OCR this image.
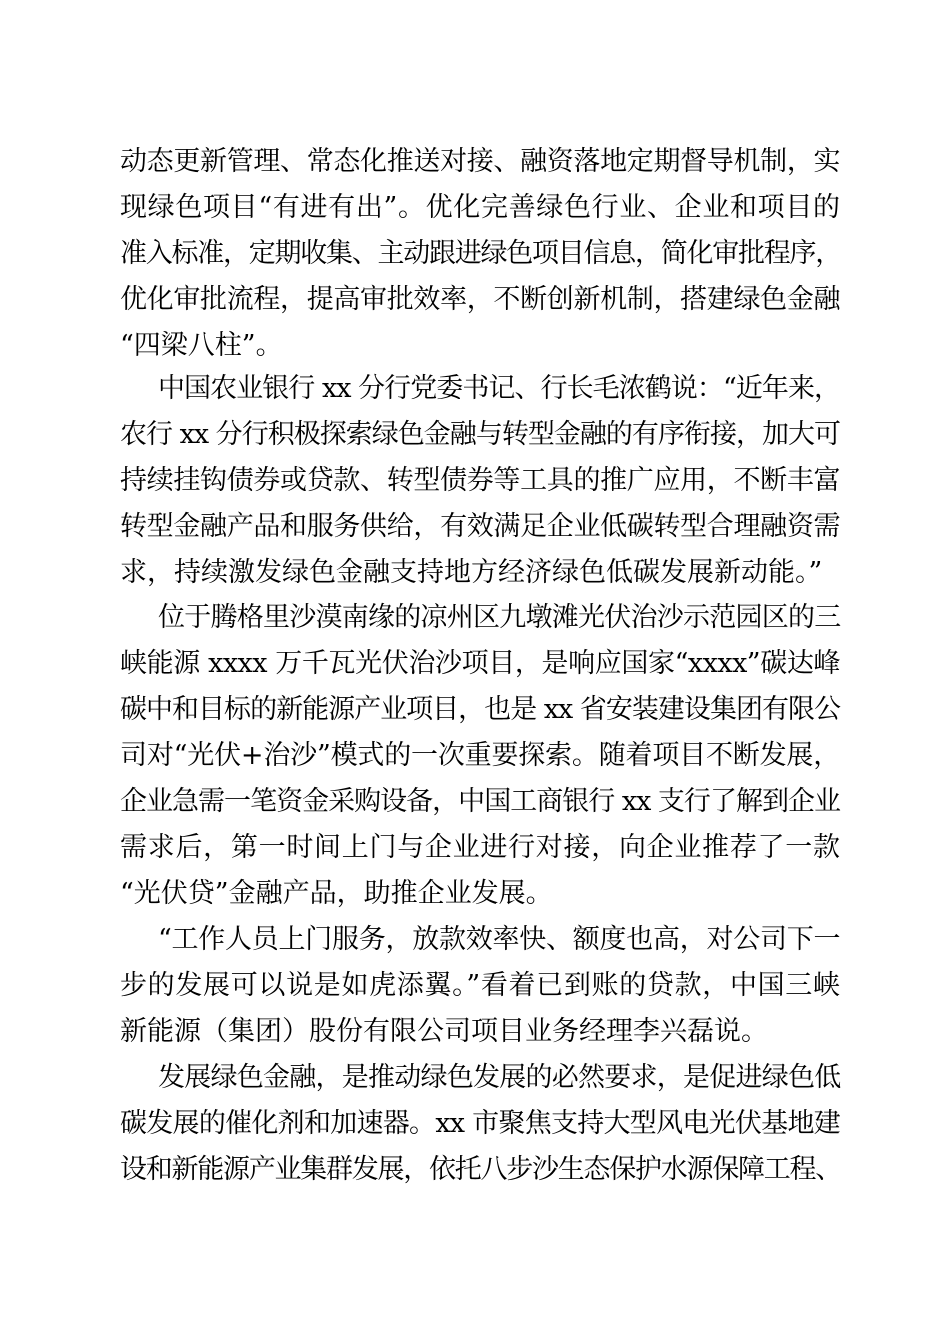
动态更新管理、常态化推送对接、融资落地定期督导机制，实
现绿色项目“有进有出”。优化完善绿色行业、企业和项目的
准入标准，定期收集、主动跟进绿色项目信息，简化审批程序，
优化审批流程，提高审批效率，不断创新机制，搭建绿色金融
“四梁八柱”。
中国农业银行 xx 分行党委书记、行长毛浓鹤说：“近年来，
农行 xx 分行积极探索绿色金融与转型金融的有序衔接，加大可
持续挂钩债券或贷款、转型债券等工具的推广应用，不断丰富
转型金融产品和服务供给，有效满足企业低碳转型合理融资需
求，持续激发绿色金融支持地方经济绿色低碳发展新动能。”
位于腾格里沙漠南缘的凉州区九墩滩光伏治沙示范园区的三
峡能源 xxxx 万千瓦光伏治沙项目，是响应国家“xxxx”碳达峰
碳中和目标的新能源产业项目，也是 xx 省安装建设集团有限公
司对“光伏+治沙”模式的一次重要探索。随着项目不断发展，
企业急需一笔资金采购设备，中国工商银行 xx 支行了解到企业
需求后，第一时间上门与企业进行对接，向企业推荐了一款
“光伏贷”金融产品，助推企业发展。
“工作人员上门服务，放款效率快、额度也高，对公司下一
步的发展可以说是如虎添翼。”看着已到账的贷款，中国三峡
新能源（集团）股份有限公司项目业务经理李兴磊说。
发展绿色金融，是推动绿色发展的必然要求，是促进绿色低
碳发展的催化剂和加速器。xx 市聚焦支持大型风电光伏基地建
设和新能源产业集群发展，依托八步沙生态保护水源保障工程、
